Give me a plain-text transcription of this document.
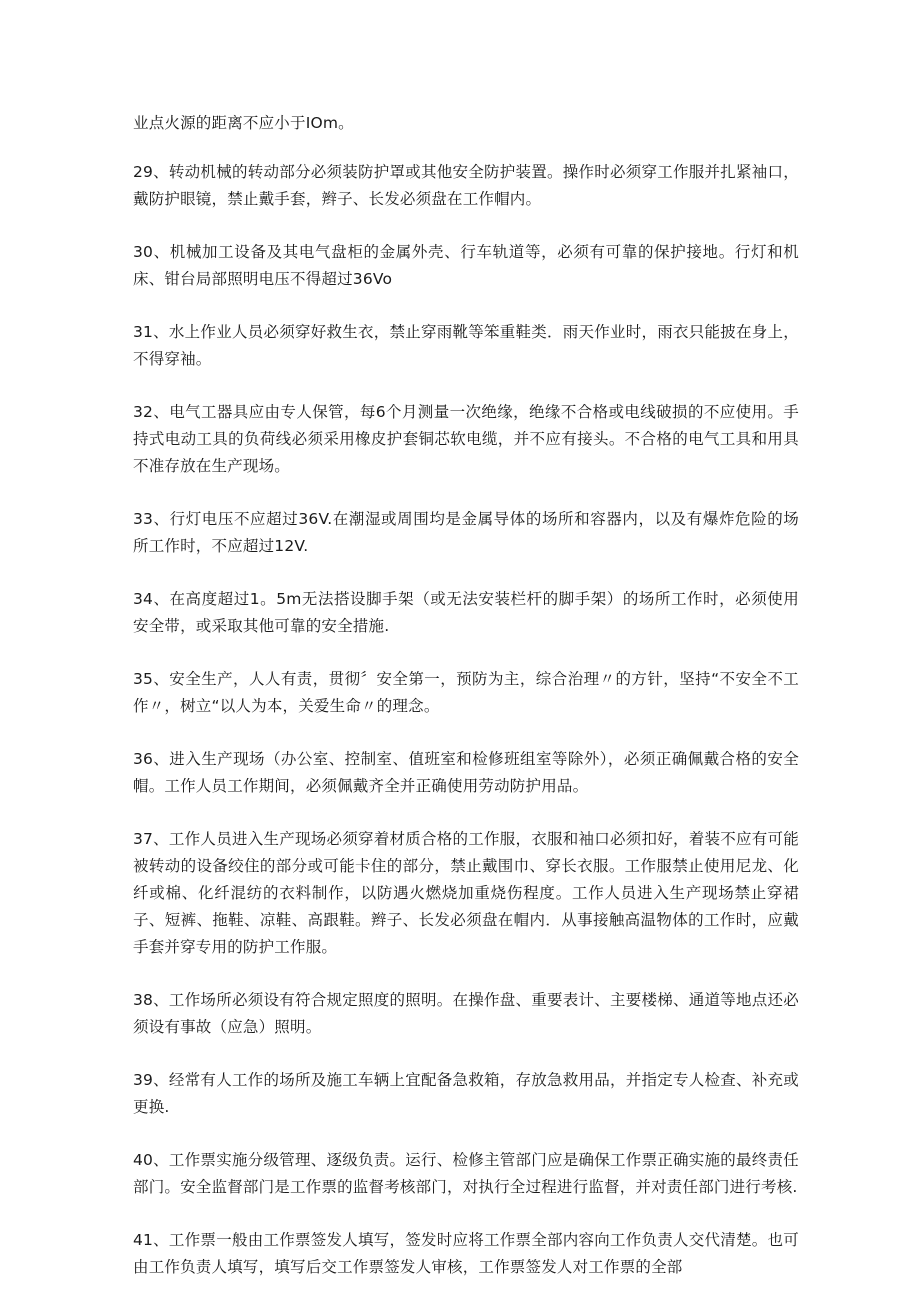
业点火源的距离不应小于IOm。

29、转动机械的转动部分必须装防护罩或其他安全防护装置。操作时必须穿工作服并扎紧袖口，戴防护眼镜，禁止戴手套，辫子、长发必须盘在工作帽内。

30、机械加工设备及其电气盘柜的金属外壳、行车轨道等，必须有可靠的保护接地。行灯和机床、钳台局部照明电压不得超过36Vo

31、水上作业人员必须穿好救生衣，禁止穿雨靴等笨重鞋类．雨天作业时，雨衣只能披在身上，不得穿袖。

32、电气工器具应由专人保管，每6个月测量一次绝缘，绝缘不合格或电线破损的不应使用。手持式电动工具的负荷线必须采用橡皮护套铜芯软电缆，并不应有接头。不合格的电气工具和用具不准存放在生产现场。

33、行灯电压不应超过36V.在潮湿或周围均是金属导体的场所和容器内，以及有爆炸危险的场所工作时，不应超过12V.

34、在高度超过1。5m无法搭设脚手架（或无法安装栏杆的脚手架）的场所工作时，必须使用安全带，或采取其他可靠的安全措施.

35、安全生产，人人有责，贯彻〞安全第一，预防为主，综合治理〃的方针，坚持“不安全不工作〃，树立“以人为本，关爱生命〃的理念。

36、进入生产现场（办公室、控制室、值班室和检修班组室等除外），必须正确佩戴合格的安全帽。工作人员工作期间，必须佩戴齐全并正确使用劳动防护用品。

37、工作人员进入生产现场必须穿着材质合格的工作服，衣服和袖口必须扣好，着装不应有可能被转动的设备绞住的部分或可能卡住的部分，禁止戴围巾、穿长衣服。工作服禁止使用尼龙、化纤或棉、化纤混纺的衣料制作，以防遇火燃烧加重烧伤程度。工作人员进入生产现场禁止穿裙子、短裤、拖鞋、凉鞋、高跟鞋。辫子、长发必须盘在帽内．从事接触高温物体的工作时，应戴手套并穿专用的防护工作服。

38、工作场所必须设有符合规定照度的照明。在操作盘、重要表计、主要楼梯、通道等地点还必须设有事故（应急）照明。

39、经常有人工作的场所及施工车辆上宜配备急救箱，存放急救用品，并指定专人检查、补充或更换.

40、工作票实施分级管理、逐级负责。运行、检修主管部门应是确保工作票正确实施的最终责任部门。安全监督部门是工作票的监督考核部门，对执行全过程进行监督，并对责任部门进行考核.

41、工作票一般由工作票签发人填写，签发时应将工作票全部内容向工作负责人交代清楚。也可由工作负责人填写，填写后交工作票签发人审核，工作票签发人对工作票的全部
